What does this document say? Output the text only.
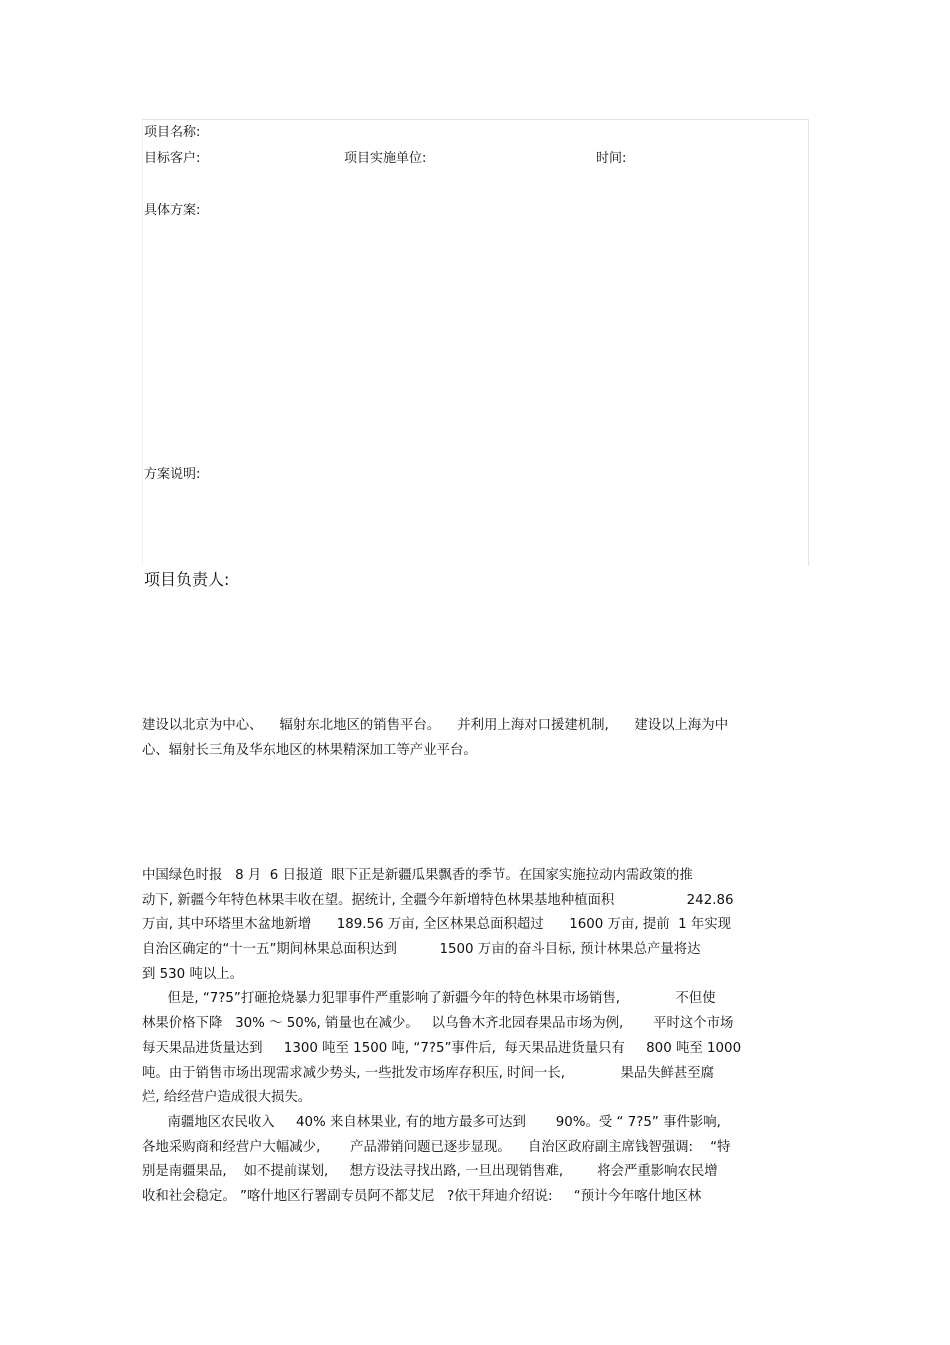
项目名称:
目标客户:	项目实施单位:	时间:
具体方案:
方案说明:
项目负责人:
建设以北京为中心、    辐射东北地区的销售平台。    并利用上海对口援建机制,      建设以上海为中
心、辐射长三角及华东地区的林果精深加工等产业平台。
中国绿色时报   8 月  6 日报道  眼下正是新疆瓜果飘香的季节。在国家实施拉动内需政策的推
动下, 新疆今年特色林果丰收在望。据统计, 全疆今年新增特色林果基地种植面积                 242.86
万亩, 其中环塔里木盆地新增      189.56 万亩, 全区林果总面积超过      1600 万亩, 提前  1 年实现
自治区确定的“十一五”期间林果总面积达到          1500 万亩的奋斗目标, 预计林果总产量将达
到 530 吨以上。
但是, “7?5”打砸抢烧暴力犯罪事件严重影响了新疆今年的特色林果市场销售,             不但使
林果价格下降   30% ～ 50%, 销量也在减少。   以乌鲁木齐北园春果品市场为例,       平时这个市场
每天果品进货量达到     1300 吨至 1500 吨, “7?5”事件后,  每天果品进货量只有     800 吨至 1000
吨。由于销售市场出现需求减少势头, 一些批发市场库存积压, 时间一长,             果品失鲜甚至腐
烂, 给经营户造成很大损失。
南疆地区农民收入     40% 来自林果业, 有的地方最多可达到       90%。受 “ 7?5” 事件影响,
各地采购商和经营户大幅减少,       产品滞销问题已逐步显现。    自治区政府副主席钱智强调:    “特
别是南疆果品,    如不提前谋划,     想方设法寻找出路, 一旦出现销售难,        将会严重影响农民增
收和社会稳定。 ”喀什地区行署副专员阿不都艾尼   ?依干拜迪介绍说:     “预计今年喀什地区林
